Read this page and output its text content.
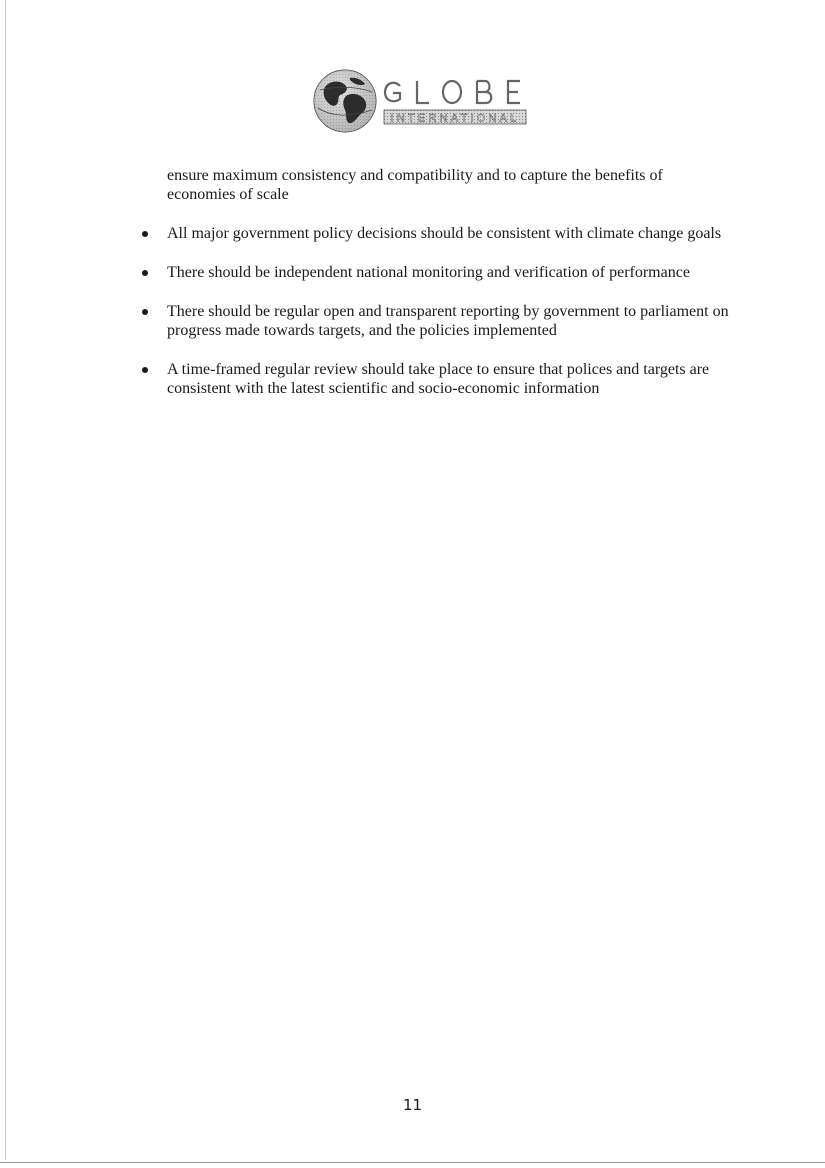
INTERNATIONAL
ensure maximum consistency and compatibility and to capture the benefits of economies of scale
All major government policy decisions should be consistent with climate change goals
There should be independent national monitoring and verification of performance
There should be regular open and transparent reporting by government to parliament on progress made towards targets, and the policies implemented
A time-framed regular review should take place to ensure that polices and targets are consistent with the latest scientific and socio-economic information
11
